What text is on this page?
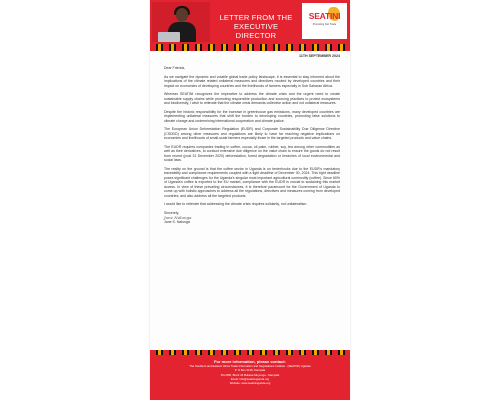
LETTER FROM THE
EXECUTIVE DIRECTOR
SEATINI
Promoting Fair Trade

11TH SEPTEMBER 2024

Dear Friends,

As we navigate the dynamic and volatile global trade policy landscape, it is essential to stay informed about the implications of the climate related unilateral measures and directives mooted by developed countries and their impact on economies of developing countries and the livelihoods of farmers especially in Sub Saharan Africa.

Whereas SEATINI recognizes the imperative to address the climate crisis and the urgent need to create sustainable supply chains while promoting responsible production and sourcing practices to protect ecosystems and biodiversity, I wish to reiterate that the climate crisis demands collective action and not unilateral measures.

Despite the historic responsibility for the increase in greenhouse gas emissions, many developed countries are implementing unilateral measures that shift the burden to developing countries, promoting false solutions to climate change and undermining international cooperation and climate justice.

The European Union Deforestation Regulation (EUDR) and Corporate Sustainability Due Diligence Directive (CSDDD) among other measures and regulations are likely to have far reaching negative implications on economies and livelihoods of small-scale farmers especially those in the targeted products and value chains.

The EUDR requires companies trading in coffee, cocoa, oil palm, rubber, soy, tea among other commodities as well as their derivatives, to conduct extensive due diligence on the value chain to ensure the goods do not result from recent (post 31 December 2020) deforestation, forest degradation or breaches of local environmental and social laws.

The reality on the ground is that the coffee sector in Uganda is on tenterhooks due to the EUDR's mandatory traceability and compliance requirements coupled with a tight deadline of December 30, 2024. This tight deadline poses significant challenges for the Uganda's singular most important agricultural commodity (coffee). Since 60% of Uganda's coffee is exported to the EU market, compliance with the EUDR is crucial to sustaining this market access. In view of these prevailing circumstances, it is therefore paramount for the Government of Uganda to come up with holistic approaches to address all the regulations, directives and measures coming from developed countries; and also address all the targeted products.

I would like to reiterate that addressing the climate crisis requires solidarity, not unilateralism.

Sincerely,

Jane Nalunga

Jane S. Nalunga

For more information, please contact:
The Southern and Eastern Africa Trade Information and Negotiations Institute - (SEATINI) Uganda
P. O Box 3138, Kampala
Plot 806, Block 24 Bukasa Muyenga - Kampala
Email: info@seatiniuganda.org
Website: www.seatiniuganda.org
